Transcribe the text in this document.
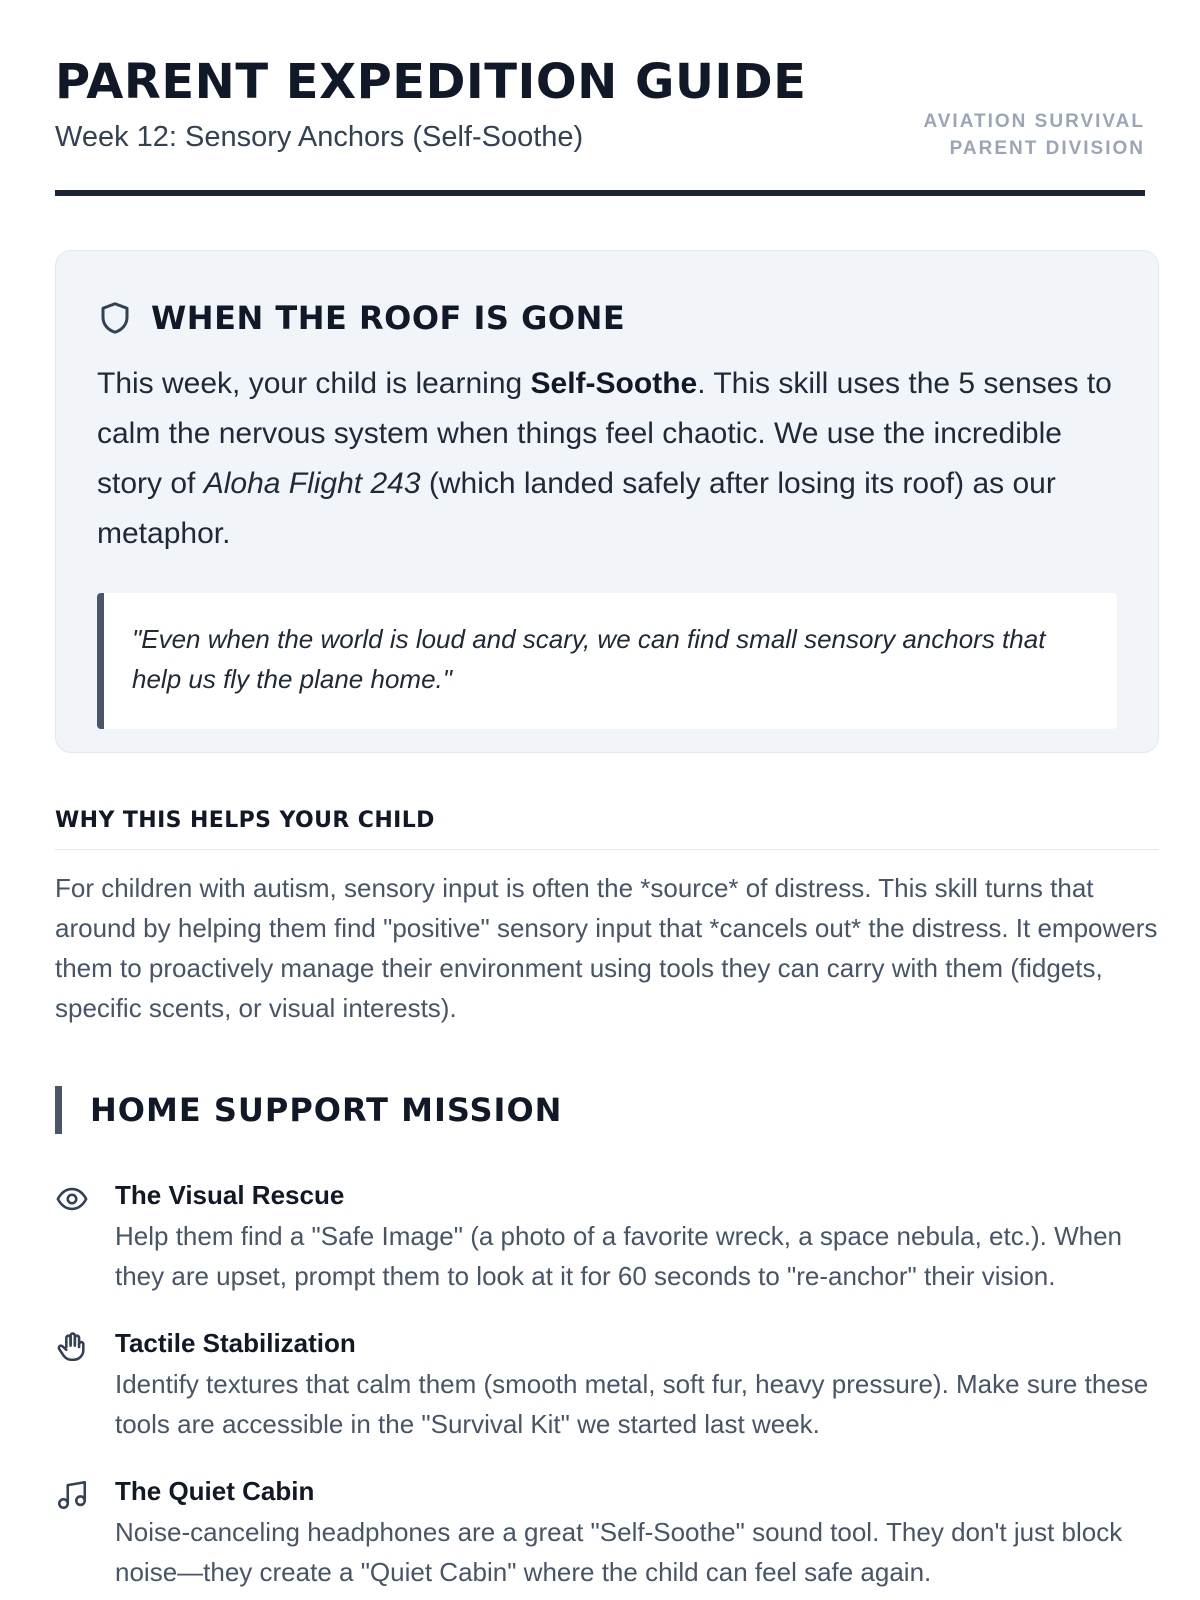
PARENT EXPEDITION GUIDE
Week 12: Sensory Anchors (Self-Soothe)	AVIATION SURVIVAL
PARENT DIVISION
WHEN THE ROOF IS GONE

This week, your child is learning Self-Soothe. This skill uses the 5 senses to calm the nervous system when things feel chaotic. We use the incredible story of Aloha Flight 243 (which landed safely after losing its roof) as our metaphor.

"Even when the world is loud and scary, we can find small sensory anchors that help us fly the plane home."
WHY THIS HELPS YOUR CHILD

For children with autism, sensory input is often the *source* of distress. This skill turns that around by helping them find "positive" sensory input that *cancels out* the distress. It empowers them to proactively manage their environment using tools they can carry with them (fidgets, specific scents, or visual interests).

HOME SUPPORT MISSION
The Visual Rescue
Help them find a "Safe Image" (a photo of a favorite wreck, a space nebula, etc.). When they are upset, prompt them to look at it for 60 seconds to "re-anchor" their vision.
Tactile Stabilization
Identify textures that calm them (smooth metal, soft fur, heavy pressure). Make sure these tools are accessible in the "Survival Kit" we started last week.
The Quiet Cabin
Noise-canceling headphones are a great "Self-Soothe" sound tool. They don't just block noise—they create a "Quiet Cabin" where the child can feel safe again.
